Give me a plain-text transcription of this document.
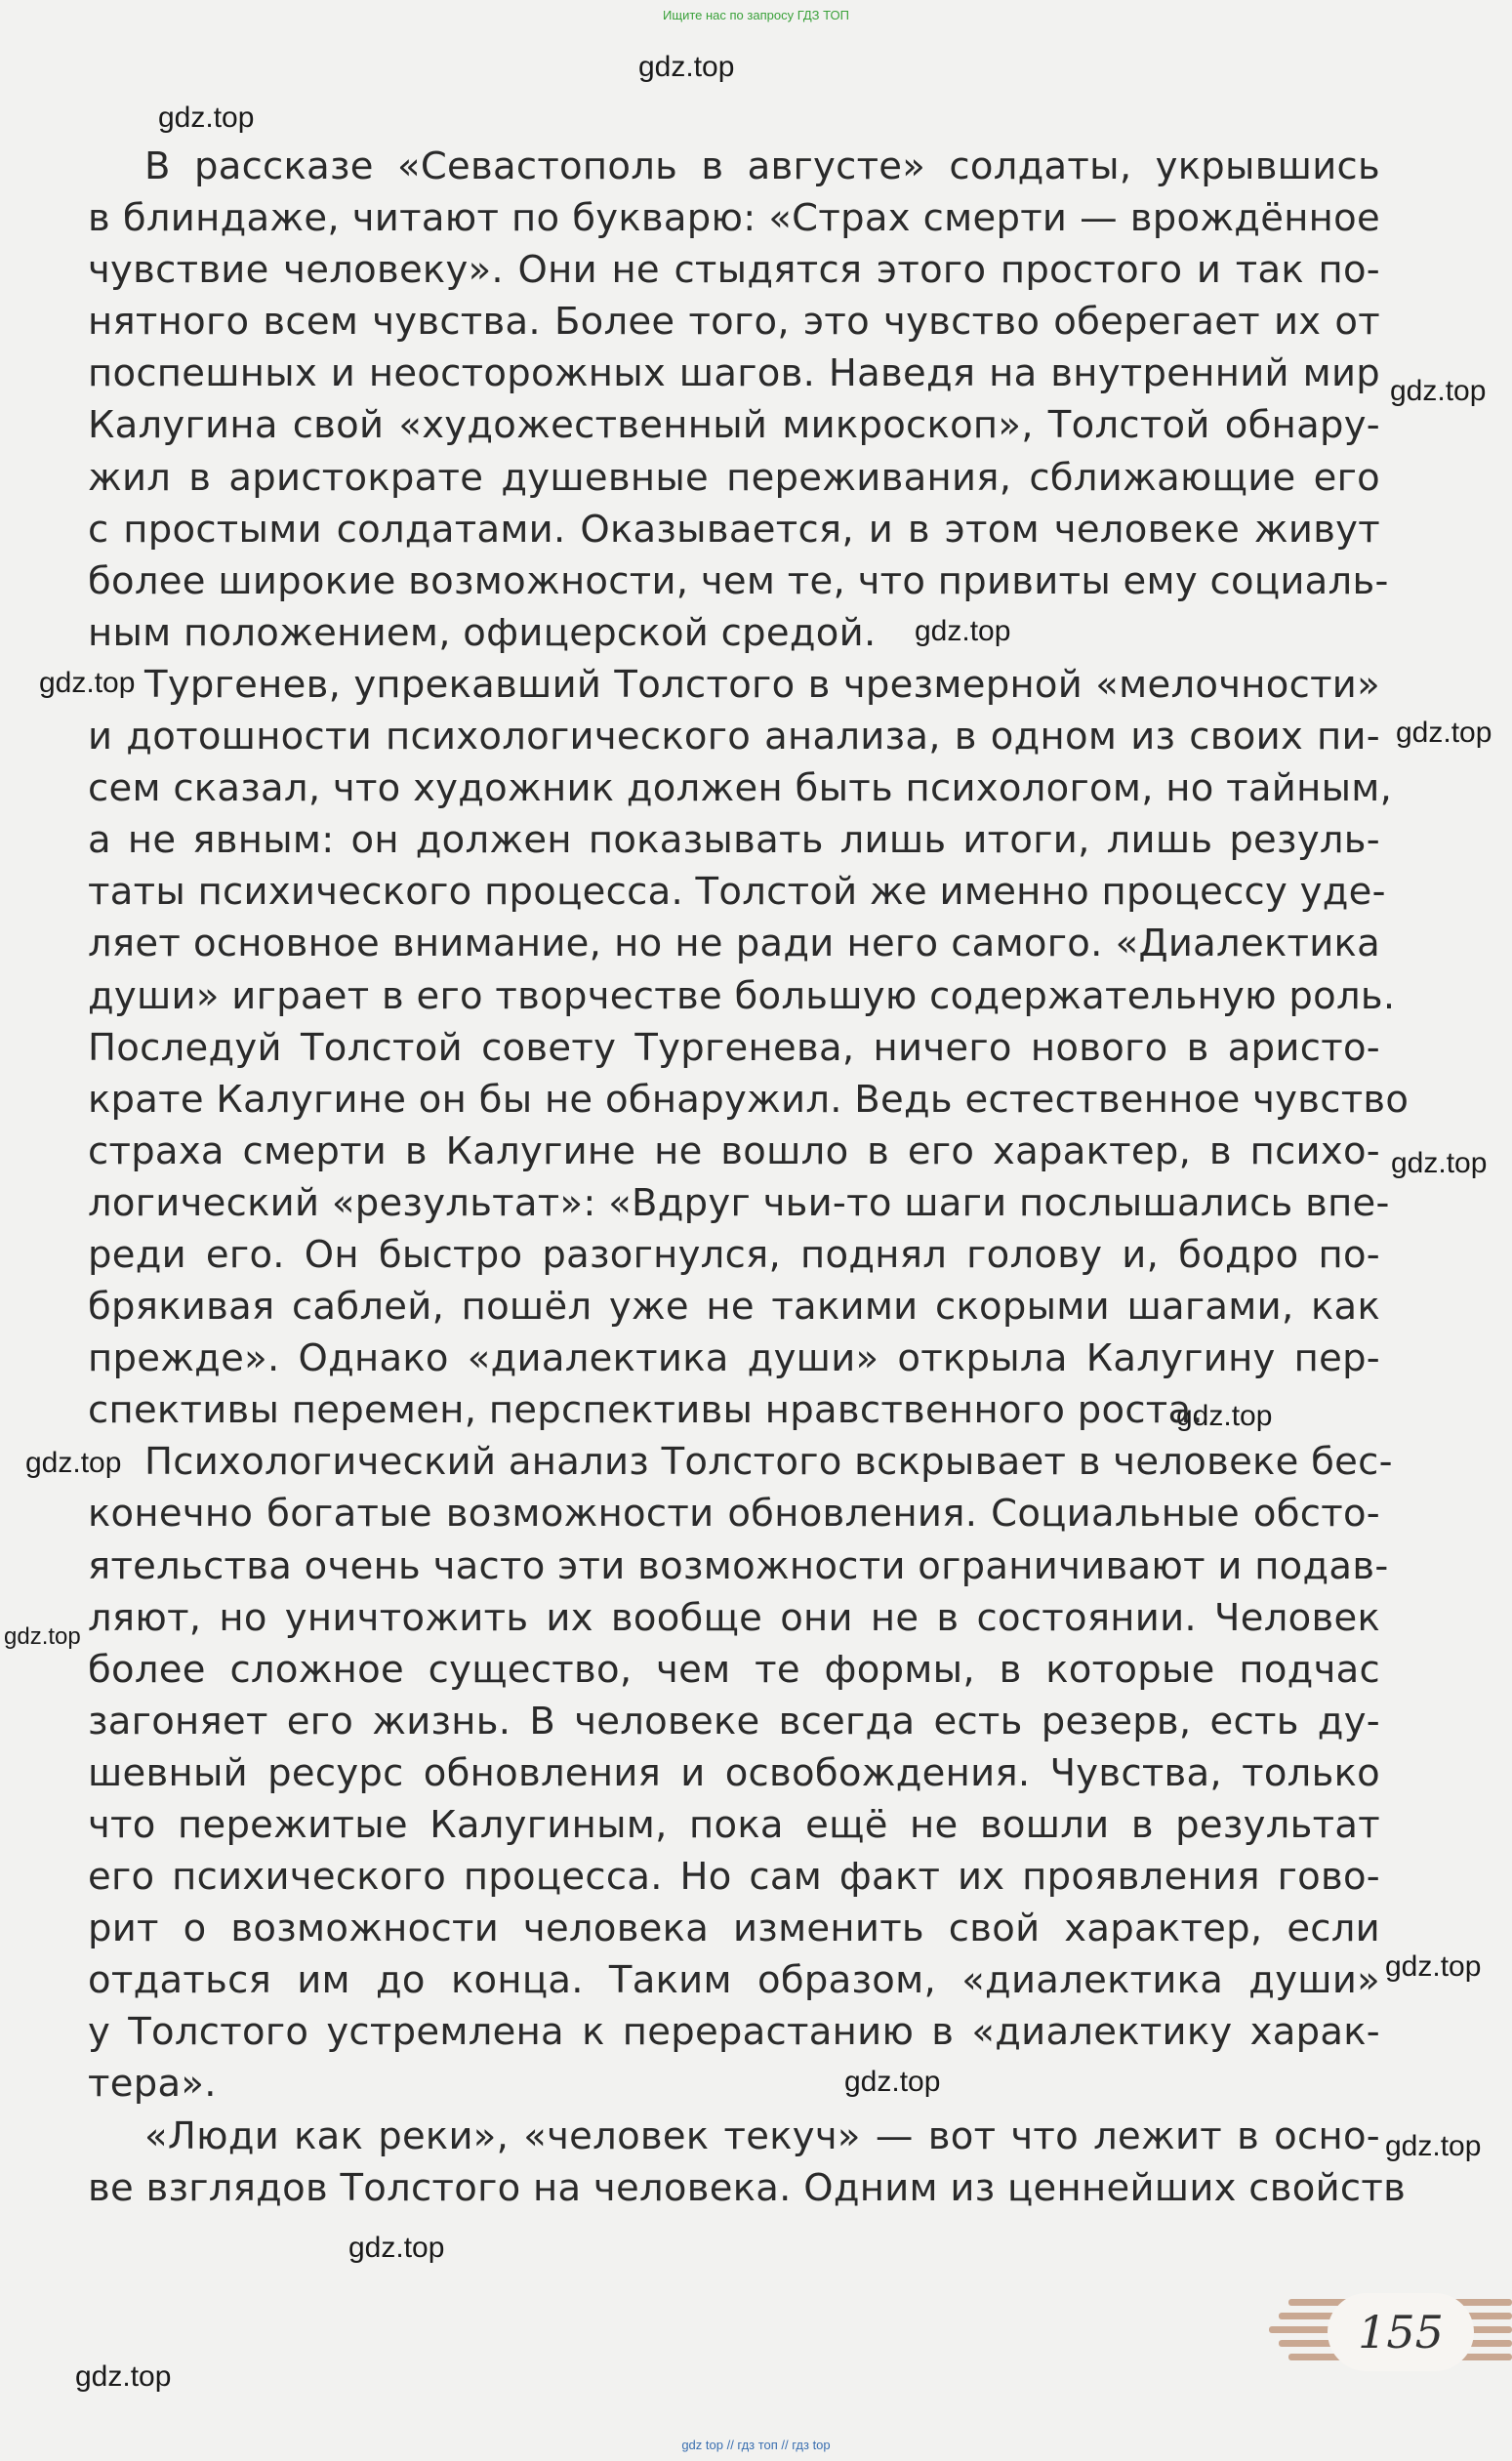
Ищите нас по запросу ГДЗ ТОП
gdz.top
gdz.top
gdz.top
gdz.top
gdz.top
gdz.top
gdz.top
gdz.top
gdz.top
gdz.top
gdz.top
gdz.top
gdz.top
gdz.top
gdz.top
В рассказе «Севастополь в августе» солдаты, укрывшись
в блиндаже, читают по букварю: «Страх смерти — врождённое
чувствие человеку». Они не стыдятся этого простого и так по-
нятного всем чувства. Более того, это чувство оберегает их от
поспешных и неосторожных шагов. Наведя на внутренний мир
Калугина свой «художественный микроскоп», Толстой обнару-
жил в аристократе душевные переживания, сближающие его
с простыми солдатами. Оказывается, и в этом человеке живут
более широкие возможности, чем те, что привиты ему социаль-
ным положением, офицерской средой.
Тургенев, упрекавший Толстого в чрезмерной «мелочности»
и дотошности психологического анализа, в одном из своих пи-
сем сказал, что художник должен быть психологом, но тайным,
а не явным: он должен показывать лишь итоги, лишь резуль-
таты психического процесса. Толстой же именно процессу уде-
ляет основное внимание, но не ради него самого. «Диалектика
души» играет в его творчестве большую содержательную роль.
Последуй Толстой совету Тургенева, ничего нового в аристо-
крате Калугине он бы не обнаружил. Ведь естественное чувство
страха смерти в Калугине не вошло в его характер, в психо-
логический «результат»: «Вдруг чьи-то шаги послышались впе-
реди его. Он быстро разогнулся, поднял голову и, бодро по-
брякивая саблей, пошёл уже не такими скорыми шагами, как
прежде». Однако «диалектика души» открыла Калугину пер-
спективы перемен, перспективы нравственного роста.
Психологический анализ Толстого вскрывает в человеке бес-
конечно богатые возможности обновления. Социальные обсто-
ятельства очень часто эти возможности ограничивают и подав-
ляют, но уничтожить их вообще они не в состоянии. Человек
более сложное существо, чем те формы, в которые подчас
загоняет его жизнь. В человеке всегда есть резерв, есть ду-
шевный ресурс обновления и освобождения. Чувства, только
что пережитые Калугиным, пока ещё не вошли в результат
его психического процесса. Но сам факт их проявления гово-
рит о возможности человека изменить свой характер, если
отдаться им до конца. Таким образом, «диалектика души»
у Толстого устремлена к перерастанию в «диалектику харак-
тера».
«Люди как реки», «человек текуч» — вот что лежит в осно-
ве взглядов Толстого на человека. Одним из ценнейших свойств
155
gdz top // гдз топ // гдз top
